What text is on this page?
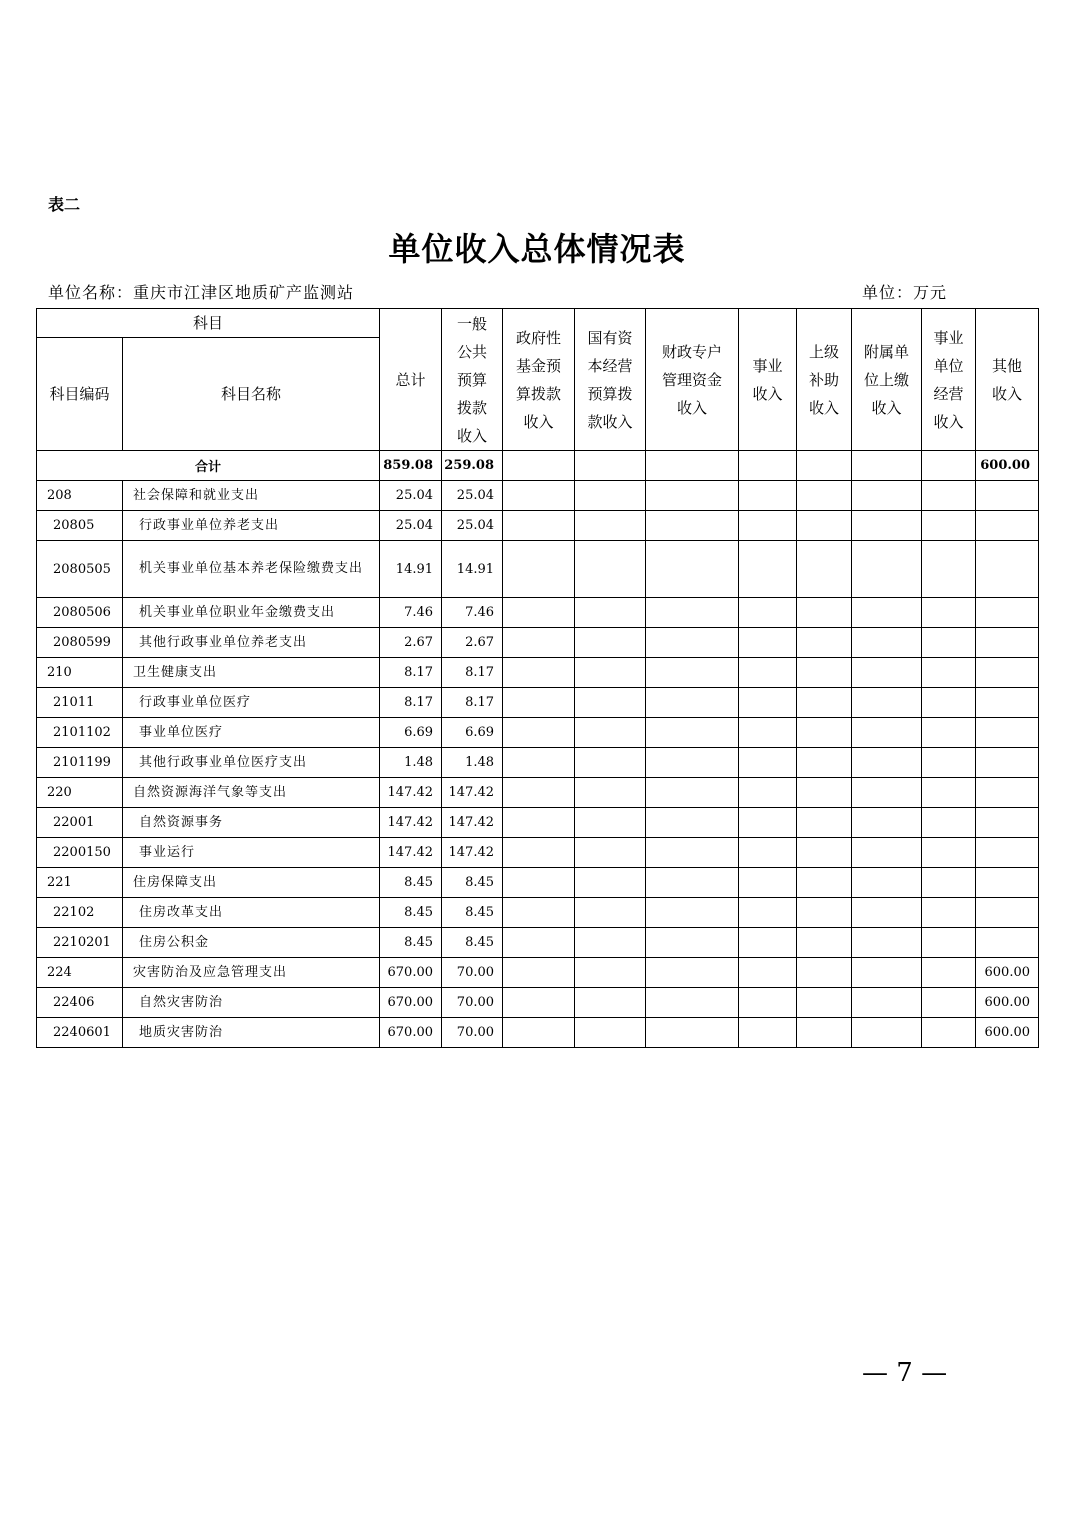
表二
单位收入总体情况表
单位名称：重庆市江津区地质矿产监测站	单位：万元
科目		总计	一般公共预算拨款收入	政府性基金预算拨款收入	国有资本经营预算拨款收入	财政专户管理资金收入	事业收入	上级补助收入	附属单位上缴收入	事业单位经营收入	其他收入
科目编码	科目名称										
合计		859.08	259.08								600.00
208	社会保障和就业支出	25.04	25.04								
20805	行政事业单位养老支出	25.04	25.04								
2080505	机关事业单位基本养老保险缴费支出	14.91	14.91								
2080506	机关事业单位职业年金缴费支出	7.46	7.46								
2080599	其他行政事业单位养老支出	2.67	2.67								
210	卫生健康支出	8.17	8.17								
21011	行政事业单位医疗	8.17	8.17								
2101102	事业单位医疗	6.69	6.69								
2101199	其他行政事业单位医疗支出	1.48	1.48								
220	自然资源海洋气象等支出	147.42	147.42								
22001	自然资源事务	147.42	147.42								
2200150	事业运行	147.42	147.42								
221	住房保障支出	8.45	8.45								
22102	住房改革支出	8.45	8.45								
2210201	住房公积金	8.45	8.45								
224	灾害防治及应急管理支出	670.00	70.00								600.00
22406	自然灾害防治	670.00	70.00								600.00
2240601	地质灾害防治	670.00	70.00								600.00
— 7 —
